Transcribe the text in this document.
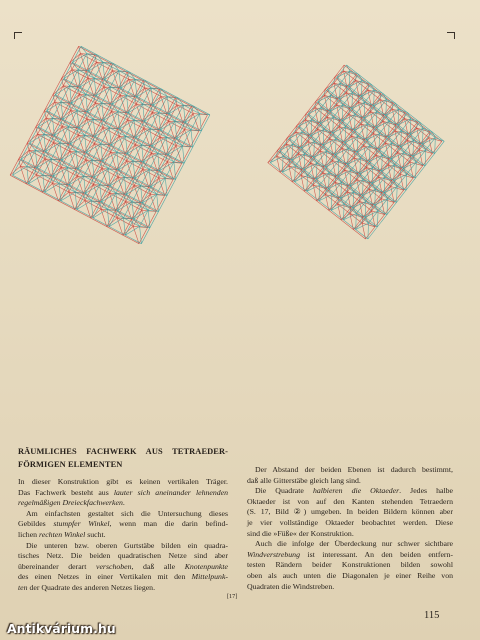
RÄUMLICHES FACHWERK AUS TETRAEDER-
FÖRMIGEN ELEMENTEN
In dieser Konstruktion gibt es keinen vertikalen Träger.
Das Fachwerk besteht aus lauter sich aneinander lehnenden
regelmäßigen Dreieckfachwerken.
Am einfachsten gestaltet sich die Untersuchung dieses
Gebildes stumpfer Winkel, wenn man die darin befind-
lichen rechten Winkel sucht.
Die unteren bzw. oberen Gurtstäbe bilden ein quadra-
tisches Netz. Die beiden quadratischen Netze sind aber
übereinander derart verschoben, daß alle Knotenpunkte
des einen Netzes in einer Vertikalen mit den Mittelpunk-
ten der Quadrate des anderen Netzes liegen.
Der Abstand der beiden Ebenen ist dadurch bestimmt,
daß alle Gitterstäbe gleich lang sind.
Die Quadrate halbieren die Oktaeder. Jedes halbe
Oktaeder ist von auf den Kanten stehenden Tetraedern
(S. 17, Bild ②) umgeben. In beiden Bildern können aber
je vier vollständige Oktaeder beobachtet werden. Diese
sind die »Füße« der Konstruktion.
Auch die infolge der Überdeckung nur schwer sichtbare
Windverstrebung ist interessant. An den beiden entfern-
testen Rändern beider Konstruktionen bilden sowohl
oben als auch unten die Diagonalen je einer Reihe von
Quadraten die Windstreben.
[17]
115
Antikvárium.hu
